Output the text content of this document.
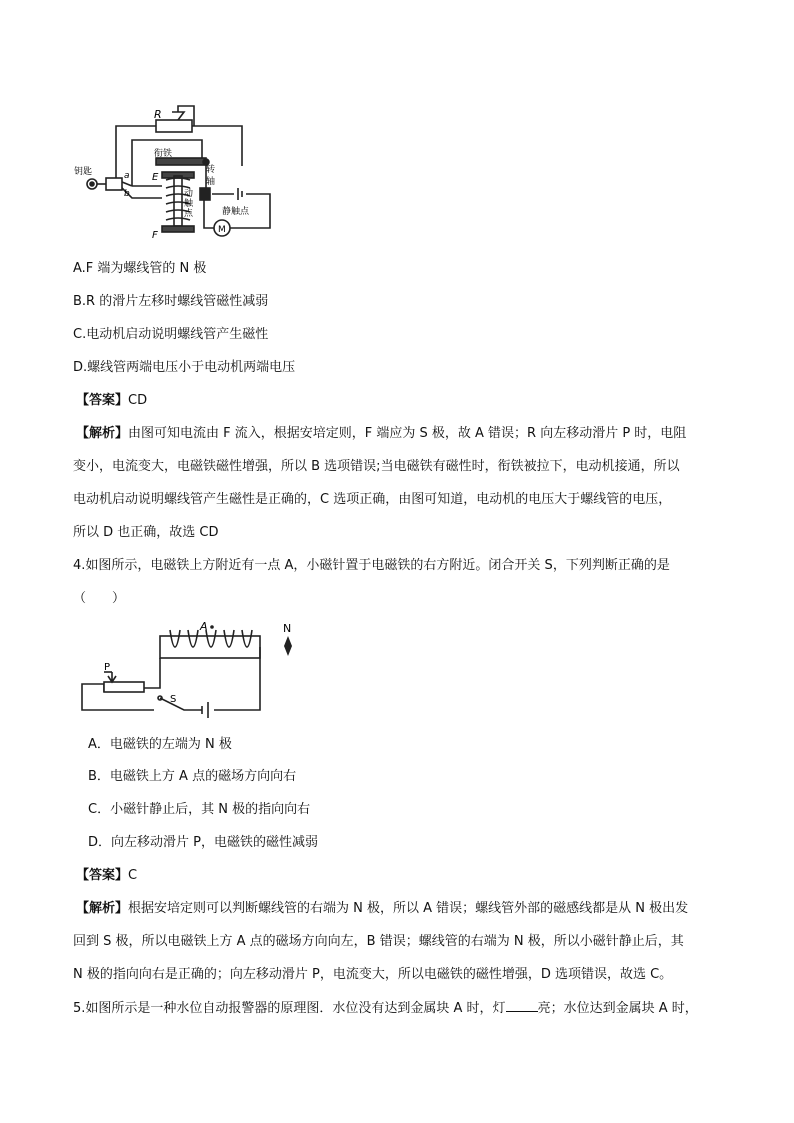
R
衔铁
转
轴
钥匙	a
b
E
F
动
触
点	静触点
M
A.F 端为螺线管的 N 极
B.R 的滑片左移时螺线管磁性减弱
C.电动机启动说明螺线管产生磁性
D.螺线管两端电压小于电动机两端电压
【答案】CD
【解析】由图可知电流由 F 流入，根据安培定则，F 端应为 S 极，故 A 错误；R 向左移动滑片 P 时，电阻
变小，电流变大，电磁铁磁性增强，所以 B 选项错误;当电磁铁有磁性时，衔铁被拉下，电动机接通，所以
电动机启动说明螺线管产生磁性是正确的，C 选项正确，由图可知道，电动机的电压大于螺线管的电压，
所以 D 也正确，故选 CD
4.如图所示，电磁铁上方附近有一点 A，小磁针置于电磁铁的右方附近。闭合开关 S，下列判断正确的是
（　　）
A
P
S
N
A．电磁铁的左端为 N 极
B．电磁铁上方 A 点的磁场方向向右
C．小磁针静止后，其 N 极的指向向右
D．向左移动滑片 P，电磁铁的磁性减弱
【答案】C
【解析】根据安培定则可以判断螺线管的右端为 N 极，所以 A 错误；螺线管外部的磁感线都是从 N 极出发
回到 S 极，所以电磁铁上方 A 点的磁场方向向左，B 错误；螺线管的右端为 N 极，所以小磁针静止后，其
N 极的指向向右是正确的；向左移动滑片 P，电流变大，所以电磁铁的磁性增强，D 选项错误，故选 C。
5.如图所示是一种水位自动报警器的原理图．水位没有达到金属块 A 时，灯 亮；水位达到金属块 A 时，
